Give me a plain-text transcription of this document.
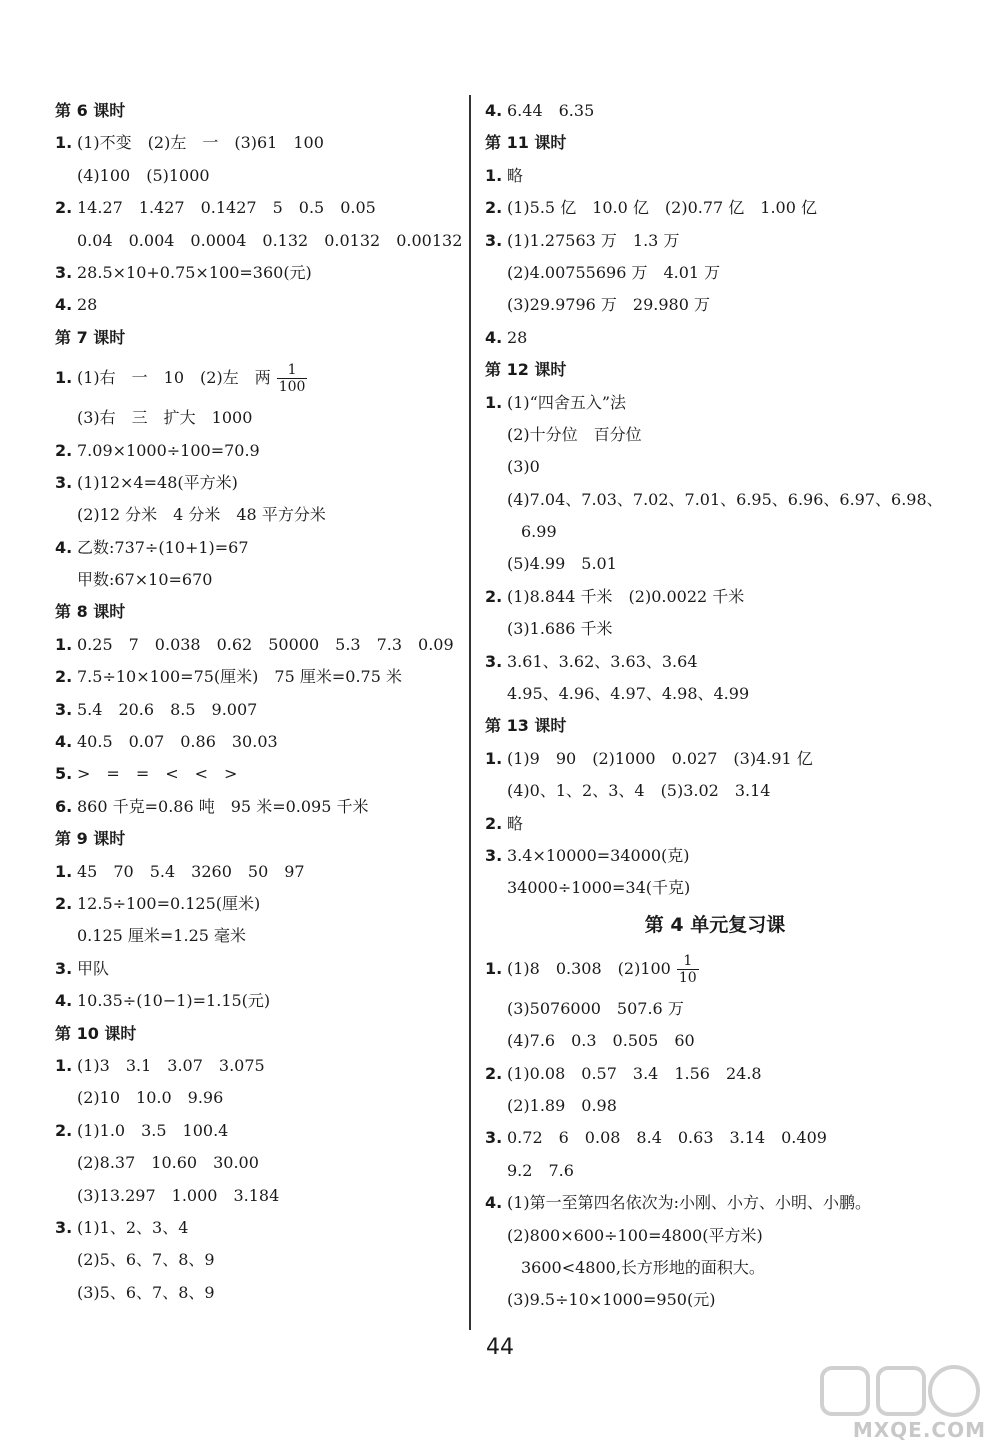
第 6 课时
1. (1)不变　(2)左　一　(3)61　100
(4)100　(5)1000
2. 14.27　1.427　0.1427　5　0.5　0.05
0.04　0.004　0.0004　0.132　0.0132　0.00132
3. 28.5×10+0.75×100=360(元)
4. 28
第 7 课时
1. (1)右　一　10　(2)左　两 $\frac{1}{100}$
(3)右　三　扩大　1000
2. 7.09×1000÷100=70.9
3. (1)12×4=48(平方米)
(2)12 分米　4 分米　48 平方分米
4. 乙数:737÷(10+1)=67
甲数:67×10=670
第 8 课时
1. 0.25　7　0.038　0.62　50000　5.3　7.3　0.09
2. 7.5÷10×100=75(厘米)　75 厘米=0.75 米
3. 5.4　20.6　8.5　9.007
4. 40.5　0.07　0.86　30.03
5. >　=　=　<　<　>
6. 860 千克=0.86 吨　95 米=0.095 千米
第 9 课时
1. 45　70　5.4　3260　50　97
2. 12.5÷100=0.125(厘米)
0.125 厘米=1.25 毫米
3. 甲队
4. 10.35÷(10−1)=1.15(元)
第 10 课时
1. (1)3　3.1　3.07　3.075
(2)10　10.0　9.96
2. (1)1.0　3.5　100.4
(2)8.37　10.60　30.00
(3)13.297　1.000　3.184
3. (1)1、2、3、4
(2)5、6、7、8、9
(3)5、6、7、8、9
4. 6.44　6.35
第 11 课时
1. 略
2. (1)5.5 亿　10.0 亿　(2)0.77 亿　1.00 亿
3. (1)1.27563 万　1.3 万
(2)4.00755696 万　4.01 万
(3)29.9796 万　29.980 万
4. 28
第 12 课时
1. (1)“四舍五入”法
(2)十分位　百分位
(3)0
(4)7.04、7.03、7.02、7.01、6.95、6.96、6.97、6.98、
6.99
(5)4.99　5.01
2. (1)8.844 千米　(2)0.0022 千米
(3)1.686 千米
3. 3.61、3.62、3.63、3.64
4.95、4.96、4.97、4.98、4.99
第 13 课时
1. (1)9　90　(2)1000　0.027　(3)4.91 亿
(4)0、1、2、3、4　(5)3.02　3.14
2. 略
3. 3.4×10000=34000(克)
34000÷1000=34(千克)
第 4 单元复习课
1. (1)8　0.308　$(2)100 \frac{1}{10}$
(3)5076000　507.6 万
(4)7.6　0.3　0.505　60
2. (1)0.08　0.57　3.4　1.56　24.8
(2)1.89　0.98
3. 0.72　6　0.08　8.4　0.63　3.14　0.409
9.2　7.6
4. (1)第一至第四名依次为:小刚、小方、小明、小鹏。
(2)800×600÷100=4800(平方米)
3600<4800,长方形地的面积大。
(3)9.5÷10×1000=950(元)
44
MXQE.COM
